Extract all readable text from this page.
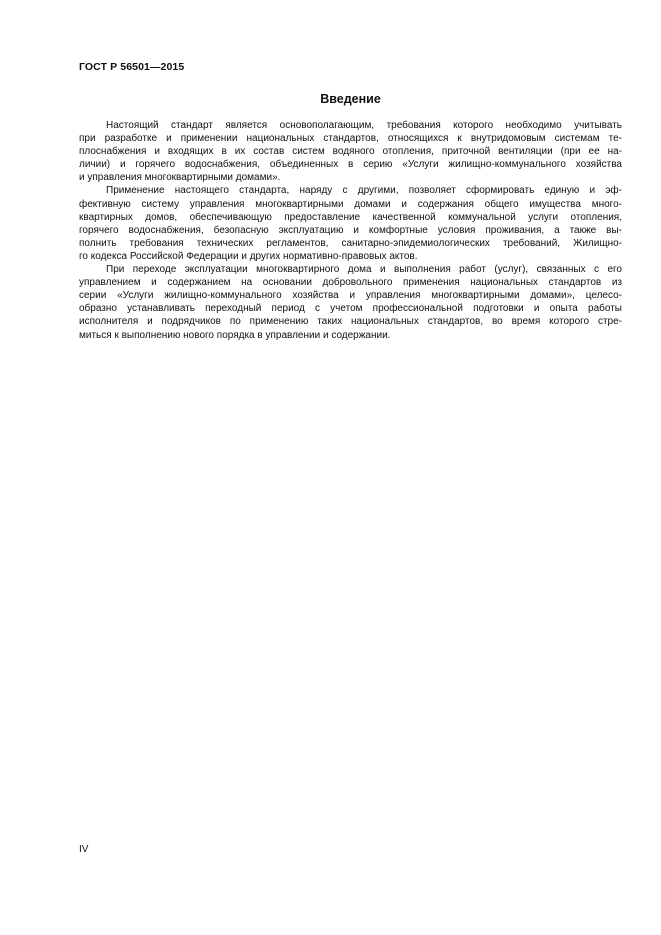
ГОСТ Р 56501—2015
Введение
Настоящий стандарт является основополагающим, требования которого необходимо учитывать
при разработке и применении национальных стандартов, относящихся к внутридомовым системам те-
плоснабжения и входящих в их состав систем водяного отопления, приточной вентиляции (при ее на-
личии) и горячего водоснабжения, объединенных в серию «Услуги жилищно-коммунального хозяйства
и управления многоквартирными домами».
Применение настоящего стандарта, наряду с другими, позволяет сформировать единую и эф-
фективную систему управления многоквартирными домами и содержания общего имущества много-
квартирных домов, обеспечивающую предоставление качественной коммунальной услуги отопления,
горячего водоснабжения, безопасную эксплуатацию и комфортные условия проживания, а также вы-
полнить требования технических регламентов, санитарно-эпидемиологических требований, Жилищно-
го кодекса Российской Федерации и других нормативно-правовых актов.
При переходе эксплуатации многоквартирного дома и выполнения работ (услуг), связанных с его
управлением и содержанием на основании добровольного применения национальных стандартов из
серии «Услуги жилищно-коммунального хозяйства и управления многоквартирными домами», целесо-
образно устанавливать переходный период с учетом профессиональной подготовки и опыта работы
исполнителя и подрядчиков по применению таких национальных стандартов, во время которого стре-
миться к выполнению нового порядка в управлении и содержании.
IV
